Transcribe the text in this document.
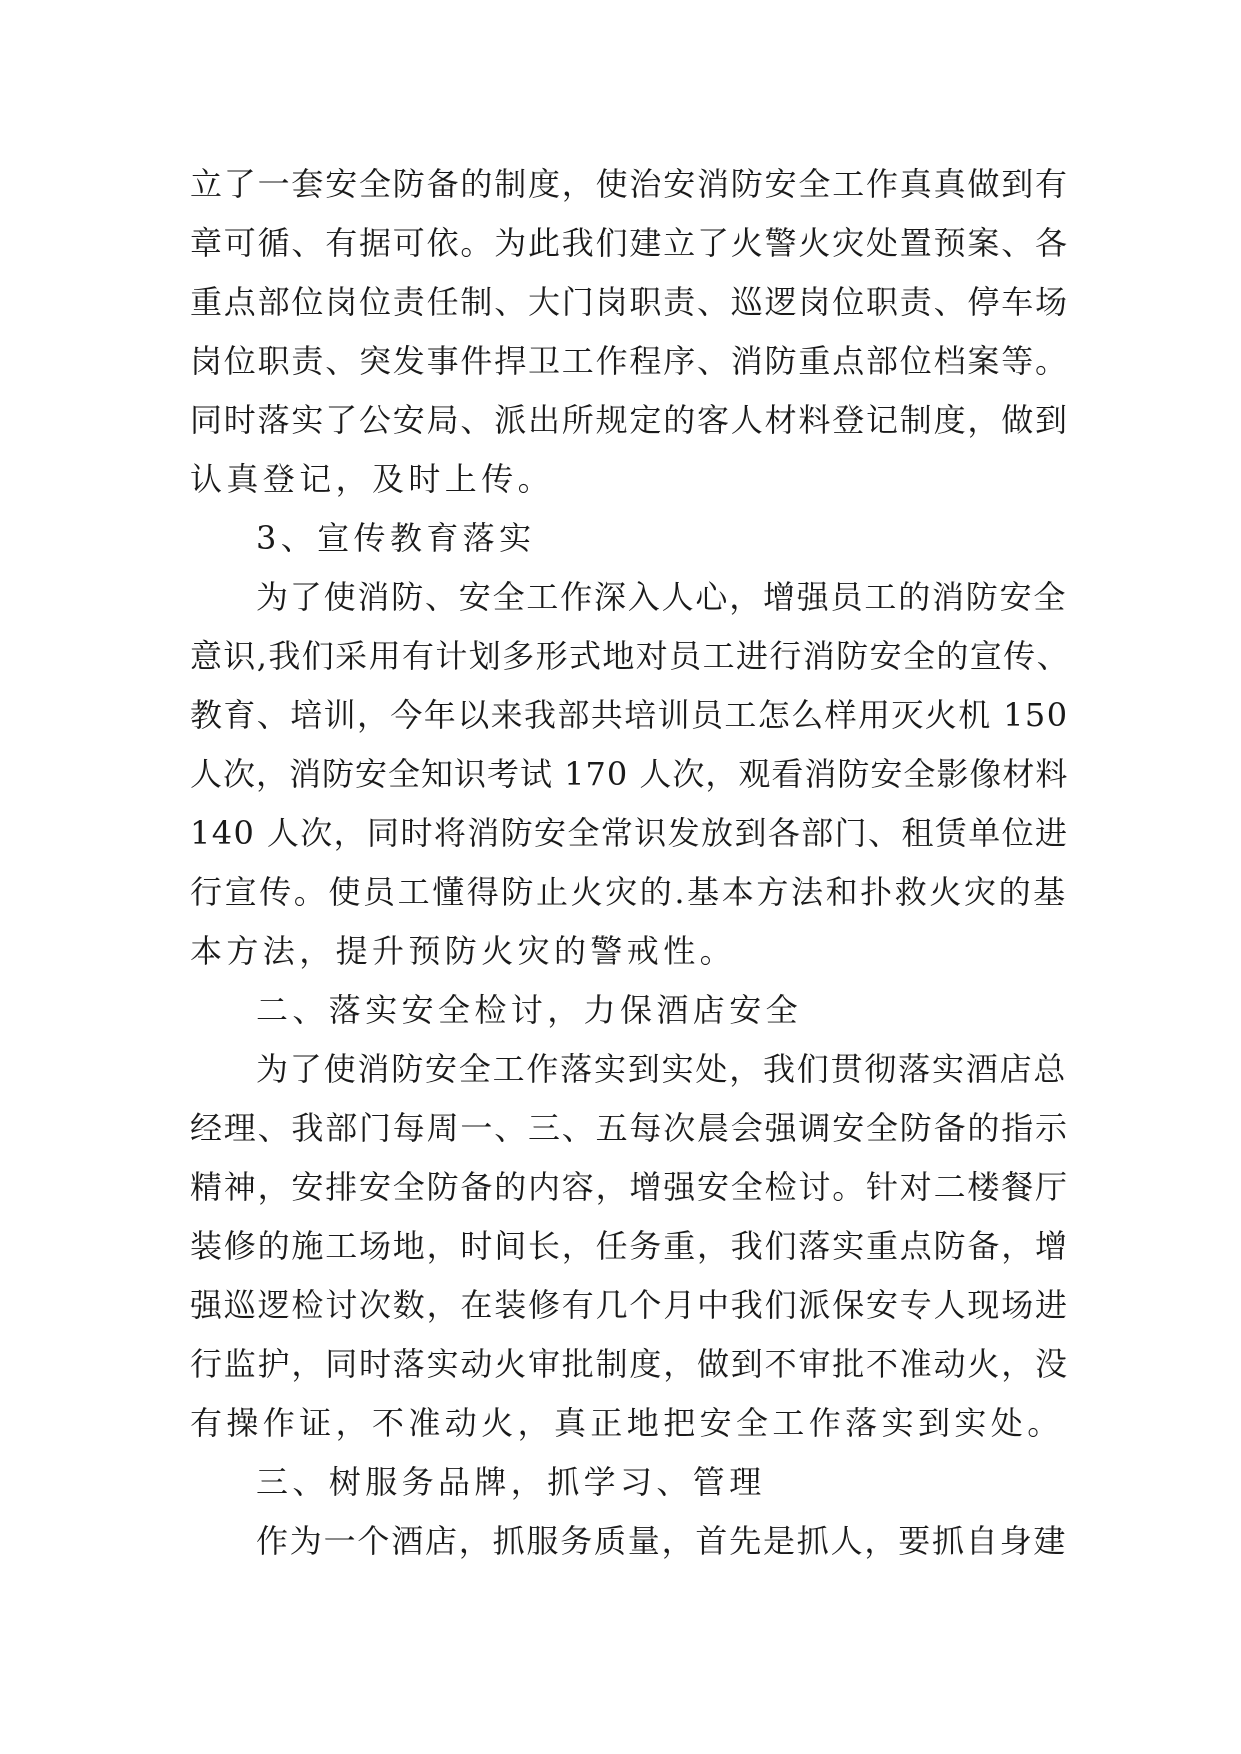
立了一套安全防备的制度，使治安消防安全工作真真做到有
章可循、有据可依。为此我们建立了火警火灾处置预案、各
重点部位岗位责任制、大门岗职责、巡逻岗位职责、停车场
岗位职责、突发事件捍卫工作程序、消防重点部位档案等。
同时落实了公安局、派出所规定的客人材料登记制度，做到
认真登记，及时上传。
3、宣传教育落实
为了使消防、安全工作深入人心，增强员工的消防安全
意识,我们采用有计划多形式地对员工进行消防安全的宣传、
教育、培训，今年以来我部共培训员工怎么样用灭火机 150
人次，消防安全知识考试 170 人次，观看消防安全影像材料
140 人次，同时将消防安全常识发放到各部门、租赁单位进
行宣传。使员工懂得防止火灾的.基本方法和扑救火灾的基
本方法，提升预防火灾的警戒性。
二、落实安全检讨，力保酒店安全
为了使消防安全工作落实到实处，我们贯彻落实酒店总
经理、我部门每周一、三、五每次晨会强调安全防备的指示
精神，安排安全防备的内容，增强安全检讨。针对二楼餐厅
装修的施工场地，时间长，任务重，我们落实重点防备，增
强巡逻检讨次数，在装修有几个月中我们派保安专人现场进
行监护，同时落实动火审批制度，做到不审批不准动火，没
有操作证，不准动火，真正地把安全工作落实到实处。
三、树服务品牌，抓学习、管理
作为一个酒店，抓服务质量，首先是抓人，要抓自身建
